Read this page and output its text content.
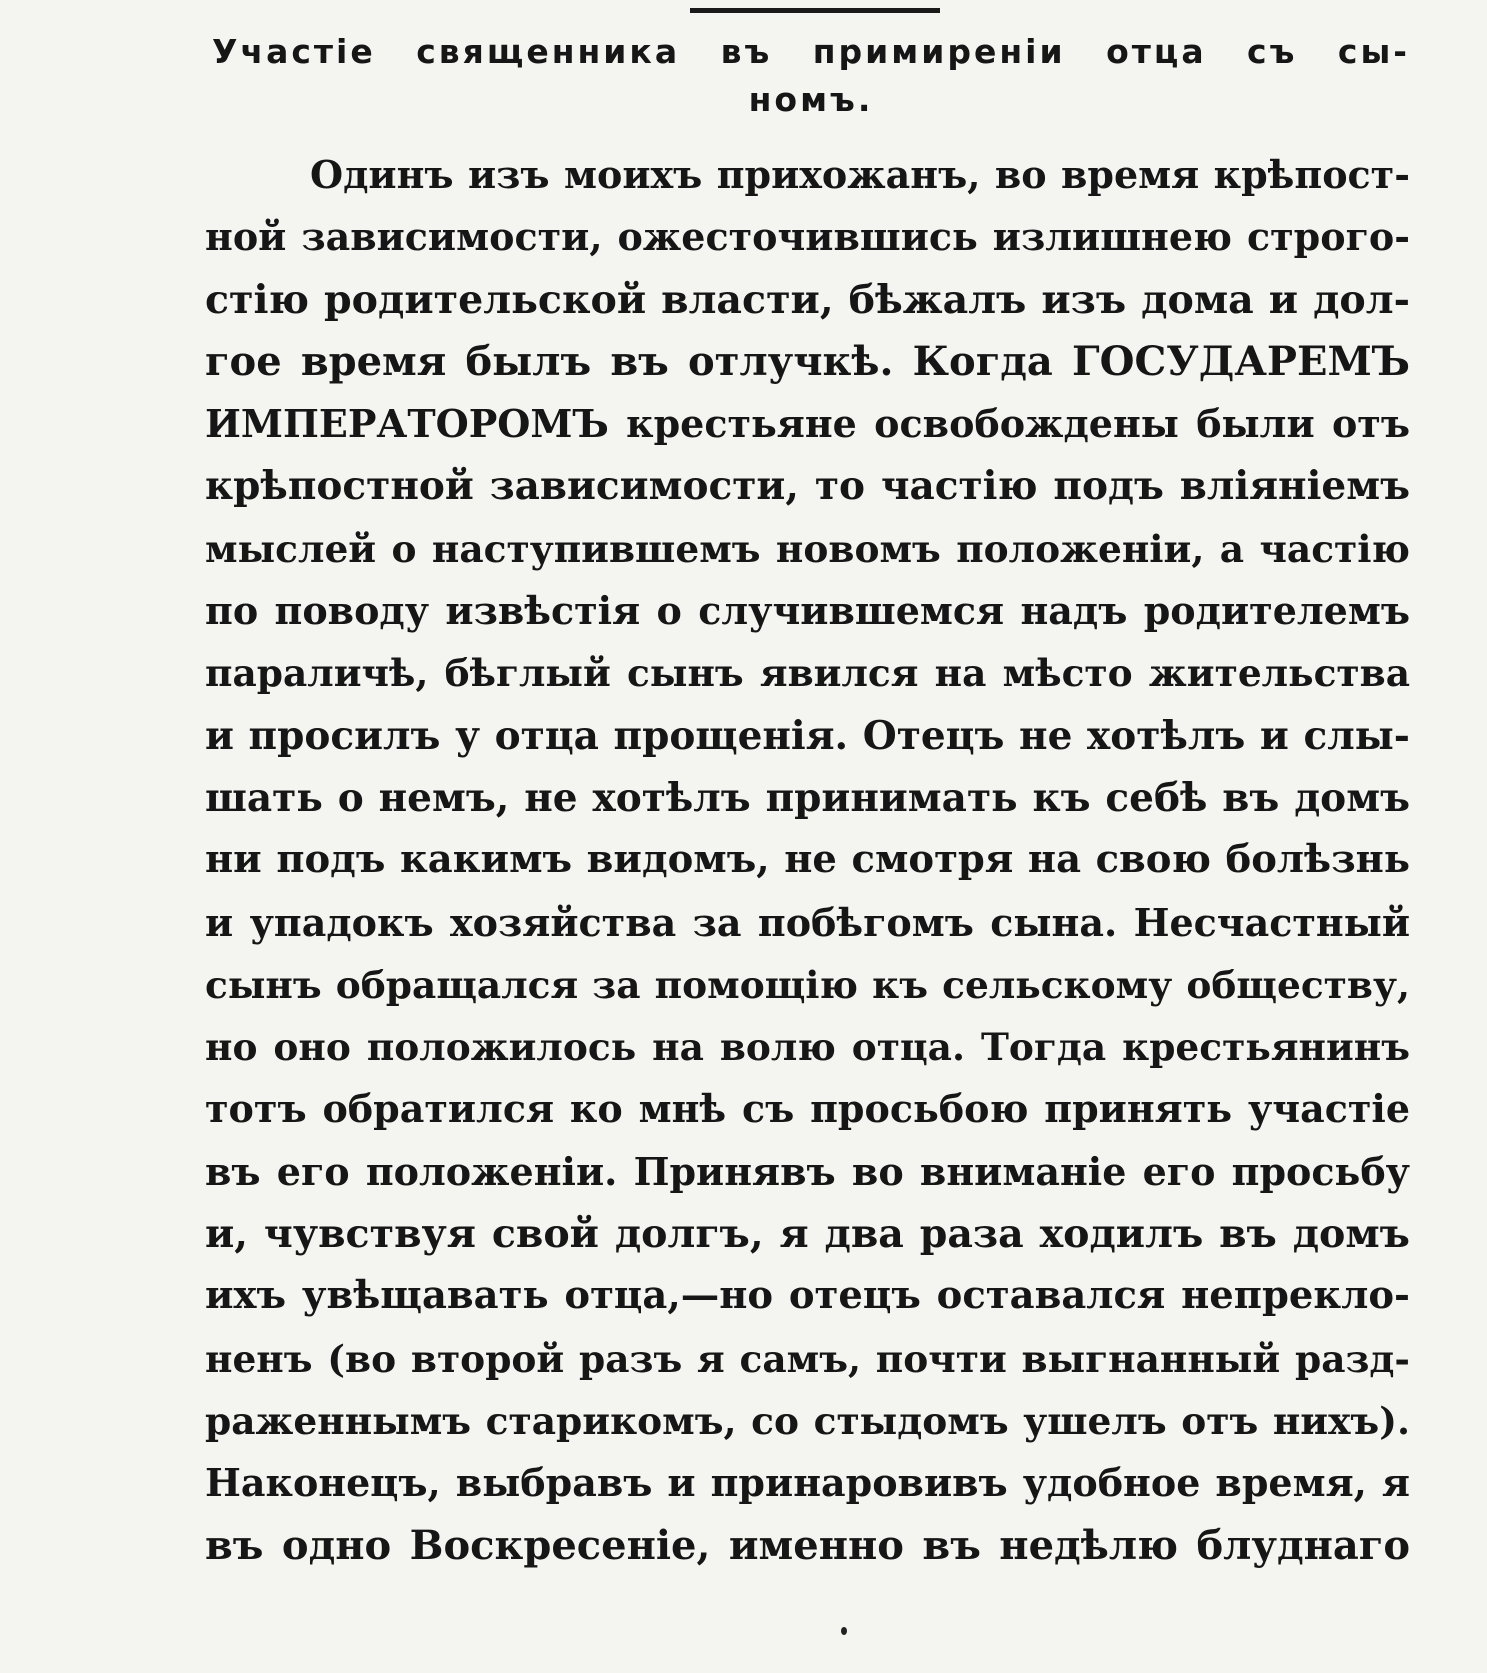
Участіе священника въ примиреніи отца съ сы-
номъ.
Одинъ изъ моихъ прихожанъ, во время крѣпост-
ной зависимости, ожесточившись излишнею строго-
стію родительской власти, бѣжалъ изъ дома и дол-
гое время былъ въ отлучкѣ. Когда ГОСУДАРЕМЪ
ИМПЕРАТОРОМЪ крестьяне освобождены были отъ
крѣпостной зависимости, то частію подъ вліяніемъ
мыслей о наступившемъ новомъ положеніи, а частію
по поводу извѣстія о случившемся надъ родителемъ
параличѣ, бѣглый сынъ явился на мѣсто жительства
и просилъ у отца прощенія. Отецъ не хотѣлъ и слы-
шать о немъ, не хотѣлъ принимать къ себѣ въ домъ
ни подъ какимъ видомъ, не смотря на свою болѣзнь
и упадокъ хозяйства за побѣгомъ сына. Несчастный
сынъ обращался за помощію къ сельскому обществу,
но оно положилось на волю отца. Тогда крестьянинъ
тотъ обратился ко мнѣ съ просьбою принять участіе
въ его положеніи. Принявъ во вниманіе его просьбу
и, чувствуя свой долгъ, я два раза ходилъ въ домъ
ихъ увѣщавать отца,—но отецъ оставался непрекло-
ненъ (во второй разъ я самъ, почти выгнанный разд-
раженнымъ старикомъ, со стыдомъ ушелъ отъ нихъ).
Наконецъ, выбравъ и принаровивъ удобное время, я
въ одно Воскресеніе, именно въ недѣлю блуднаго
